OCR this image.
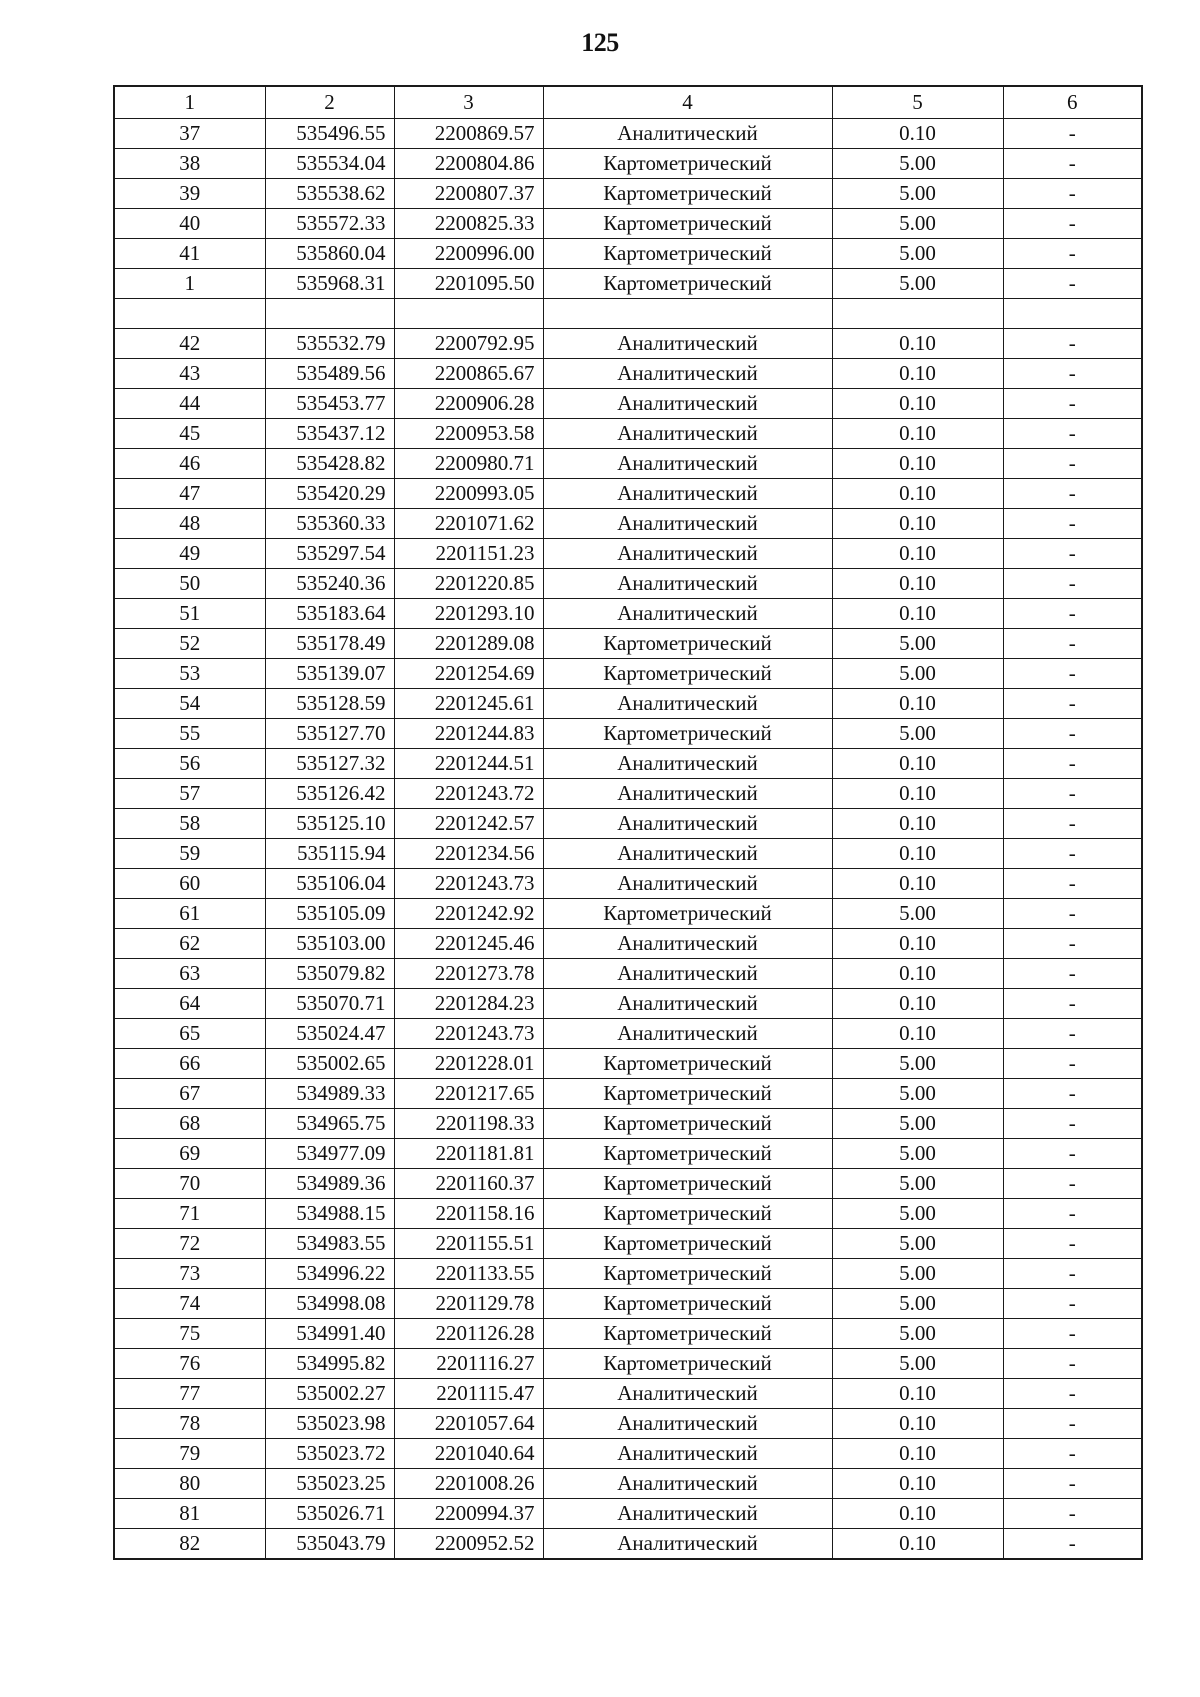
125
1	2	3	4	5	6
37	535496.55	2200869.57	Аналитический	0.10	-
38	535534.04	2200804.86	Картометрический	5.00	-
39	535538.62	2200807.37	Картометрический	5.00	-
40	535572.33	2200825.33	Картометрический	5.00	-
41	535860.04	2200996.00	Картометрический	5.00	-
1	535968.31	2201095.50	Картометрический	5.00	-

42	535532.79	2200792.95	Аналитический	0.10	-
43	535489.56	2200865.67	Аналитический	0.10	-
44	535453.77	2200906.28	Аналитический	0.10	-
45	535437.12	2200953.58	Аналитический	0.10	-
46	535428.82	2200980.71	Аналитический	0.10	-
47	535420.29	2200993.05	Аналитический	0.10	-
48	535360.33	2201071.62	Аналитический	0.10	-
49	535297.54	2201151.23	Аналитический	0.10	-
50	535240.36	2201220.85	Аналитический	0.10	-
51	535183.64	2201293.10	Аналитический	0.10	-
52	535178.49	2201289.08	Картометрический	5.00	-
53	535139.07	2201254.69	Картометрический	5.00	-
54	535128.59	2201245.61	Аналитический	0.10	-
55	535127.70	2201244.83	Картометрический	5.00	-
56	535127.32	2201244.51	Аналитический	0.10	-
57	535126.42	2201243.72	Аналитический	0.10	-
58	535125.10	2201242.57	Аналитический	0.10	-
59	535115.94	2201234.56	Аналитический	0.10	-
60	535106.04	2201243.73	Аналитический	0.10	-
61	535105.09	2201242.92	Картометрический	5.00	-
62	535103.00	2201245.46	Аналитический	0.10	-
63	535079.82	2201273.78	Аналитический	0.10	-
64	535070.71	2201284.23	Аналитический	0.10	-
65	535024.47	2201243.73	Аналитический	0.10	-
66	535002.65	2201228.01	Картометрический	5.00	-
67	534989.33	2201217.65	Картометрический	5.00	-
68	534965.75	2201198.33	Картометрический	5.00	-
69	534977.09	2201181.81	Картометрический	5.00	-
70	534989.36	2201160.37	Картометрический	5.00	-
71	534988.15	2201158.16	Картометрический	5.00	-
72	534983.55	2201155.51	Картометрический	5.00	-
73	534996.22	2201133.55	Картометрический	5.00	-
74	534998.08	2201129.78	Картометрический	5.00	-
75	534991.40	2201126.28	Картометрический	5.00	-
76	534995.82	2201116.27	Картометрический	5.00	-
77	535002.27	2201115.47	Аналитический	0.10	-
78	535023.98	2201057.64	Аналитический	0.10	-
79	535023.72	2201040.64	Аналитический	0.10	-
80	535023.25	2201008.26	Аналитический	0.10	-
81	535026.71	2200994.37	Аналитический	0.10	-
82	535043.79	2200952.52	Аналитический	0.10	-
